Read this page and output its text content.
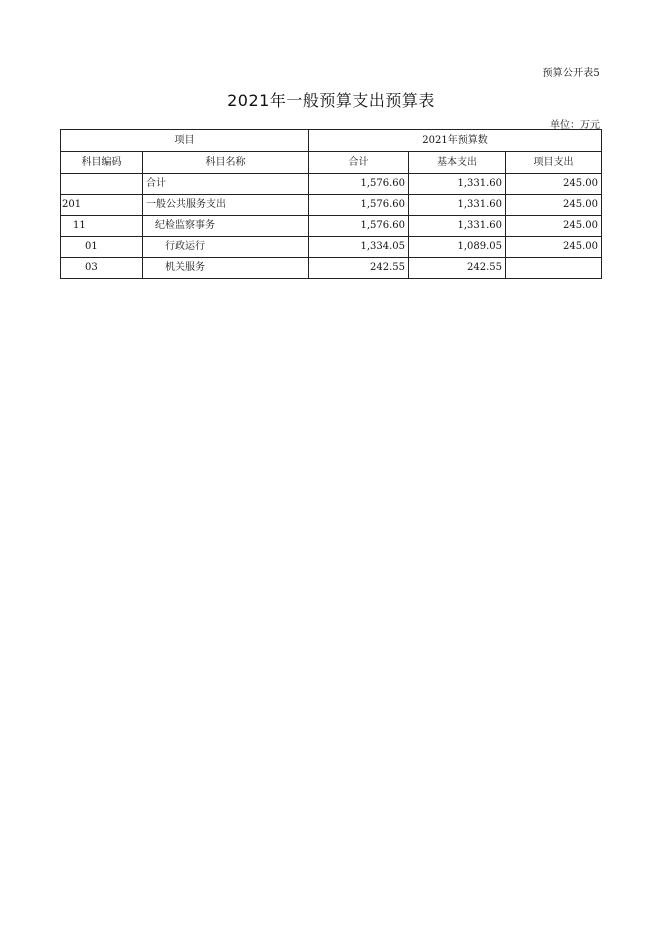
预算公开表5
2021年一般预算支出预算表
单位：万元
项目		2021年预算数		
科目编码	科目名称	合计	基本支出	项目支出
	合计	1,576.60	1,331.60	245.00
201	一般公共服务支出	1,576.60	1,331.60	245.00
11	纪检监察事务	1,576.60	1,331.60	245.00
01	行政运行	1,334.05	1,089.05	245.00
03	机关服务	242.55	242.55	
